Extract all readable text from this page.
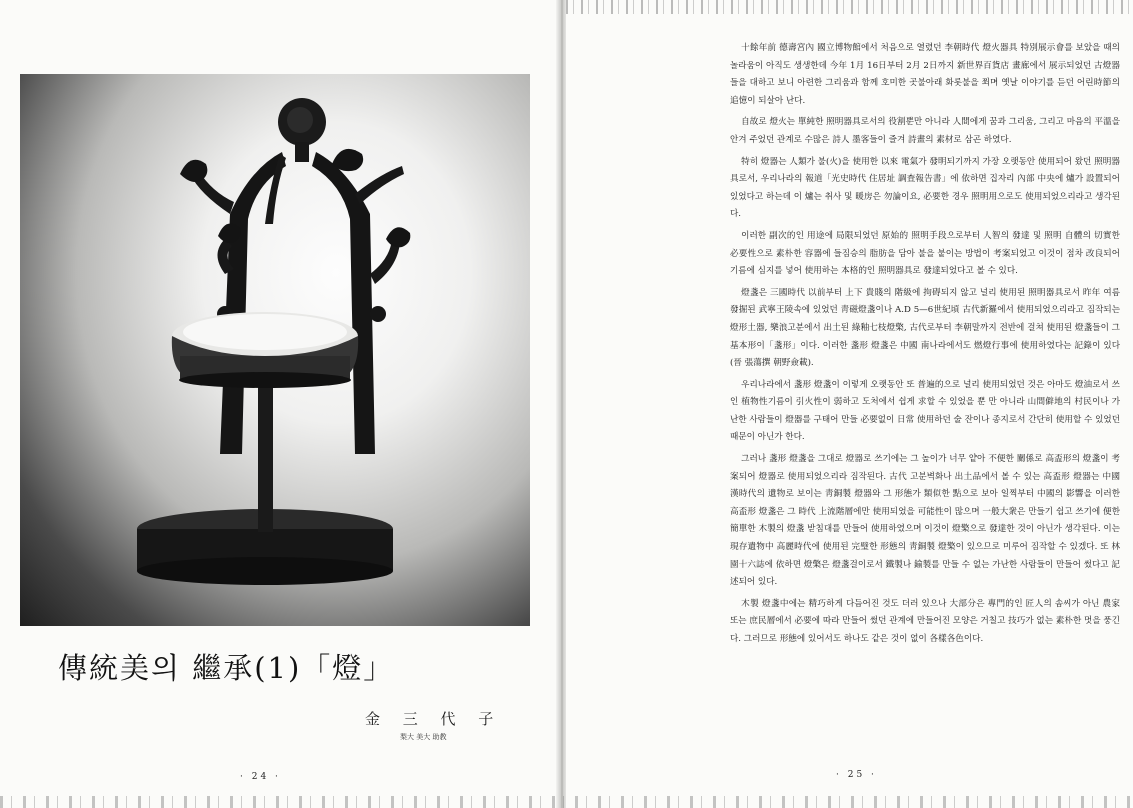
傳統美의 繼承(1)「燈」
金 三 代 子
梨大 美大 助教
· 24 ·

十餘年前 德壽宮內 國立博物館에서 처음으로 열렸던 李朝時代 燈火器具 特別展示會를 보았을 때의 놀라움이 아직도 생생한데 今年 1月 16日부터 2月 2日까지 新世界百貨店 畫廊에서 展示되었던 古燈器들을 대하고 보니 아련한 그리움과 함께 호미한 곳불아래 화롯불을 쬐며 옛날 이야기를 듣던 어린時節의 追憶이 되살아 난다.

自故로 燈火는 單純한 照明器具로서의 役割뿐만 아니라 人間에게 꿈과 그리움, 그리고 마음의 平溫을 안겨 주었던 관계로 수많은 詩人 墨客들이 즐겨 詩畫의 素材로 삼곤 하였다.

特히 燈器는 人類가 불(火)을 使用한 以來 電氣가 發明되기까지 가장 오랫동안 使用되어 왔던 照明器具로서, 우리나라의 報道「光史時代 住居址 調査報告書」에 依하면 집자리 內部 中央에 爐가 設置되어 있었다고 하는데 이 爐는 취사 및 暖房은 勿論이요, 必要한 경우 照明用으로도 使用되었으리라고 생각된다.

이러한 副次的인 用途에 局限되었던 原始的 照明手段으로부터 人智의 發達 및 照明 自體의 切實한 必要性으로 素朴한 容器에 들짐승의 脂肪을 담아 불을 붙이는 방법이 考案되었고 이것이 점차 改良되어 기름에 심지를 넣어 使用하는 本格的인 照明器具로 發達되었다고 볼 수 있다.

燈盞은 三國時代 以前부터 上下 貴賤의 階級에 拘碍되지 않고 널리 使用된 照明器具로서 昨年 여름 發掘된 武寧王陵속에 있었던 靑磁燈盞이나 A.D 5—6世紀頃 古代新羅에서 使用되었으리라고 짐작되는 燈形土器, 樂浪고분에서 出土된 綠釉七枝燈檠, 古代로부터 李朝말까지 전반에 걸쳐 使用된 燈盞들이 그 基本形이「盞形」이다. 이러한 盞形 燈盞은 中國 南나라에서도 燃燈行事에 使用하였다는 記錄이 있다(晉 張蕩撰 朝野僉載).

우리나라에서 盞形 燈盞이 이렇게 오랫동안 또 普遍的으로 널리 使用되었던 것은 아마도 燈油로서 쓰인 植物性기름이 引火性이 弱하고 도처에서 쉽게 求할 수 있었을 뿐 만 아니라 山間僻地의 村民이나 가난한 사람들이 燈器를 구태어 만들 必要없이 日常 使用하던 술 잔이나 종지로서 간단히 使用할 수 있었던 때문이 아닌가 한다.

그러나 盞形 燈盞을 그대로 燈器로 쓰기에는 그 높이가 너무 얕아 不便한 關係로 高盃形의 燈盞이 考案되어 燈器로 使用되었으리라 짐작된다. 古代 고분벽화나 出土品에서 볼 수 있는 高盃形 燈器는 中國 漢時代의 遺物로 보이는 靑銅製 燈器와 그 形態가 類似한 點으로 보아 일찍부터 中國의 影響을 이러한 高盃形 燈盞은 그 時代 上流階層에만 使用되었을 可能性이 많으며 一般大衆은 만들기 쉽고 쓰기에 便한 簡單한 木製의 燈盞 받침대를 만들어 使用하였으며 이것이 燈檠으로 發達한 것이 아닌가 생각된다. 이는 現存遺物中 高麗時代에 使用된 完璧한 形態의 靑銅製 燈檠이 있으므로 미루어 짐작할 수 있겠다. 또 林園十六誌에 依하면 燈檠은 燈盞걸이로서 鐵製나 鍮製를 만들 수 없는 가난한 사람들이 만들어 썼다고 記述되어 있다.

木製 燈盞中에는 精巧하게 다듬어진 것도 더러 있으나 大部分은 專門的인 匠人의 솜씨가 아닌 農家 또는 庶民層에서 必要에 따라 만들어 썼던 관계에 만들어진 모양은 거칠고 技巧가 없는 素朴한 멋을 풍긴다. 그러므로 形態에 있어서도 하나도 같은 것이 없이 各樣各色이다.

· 25 ·
